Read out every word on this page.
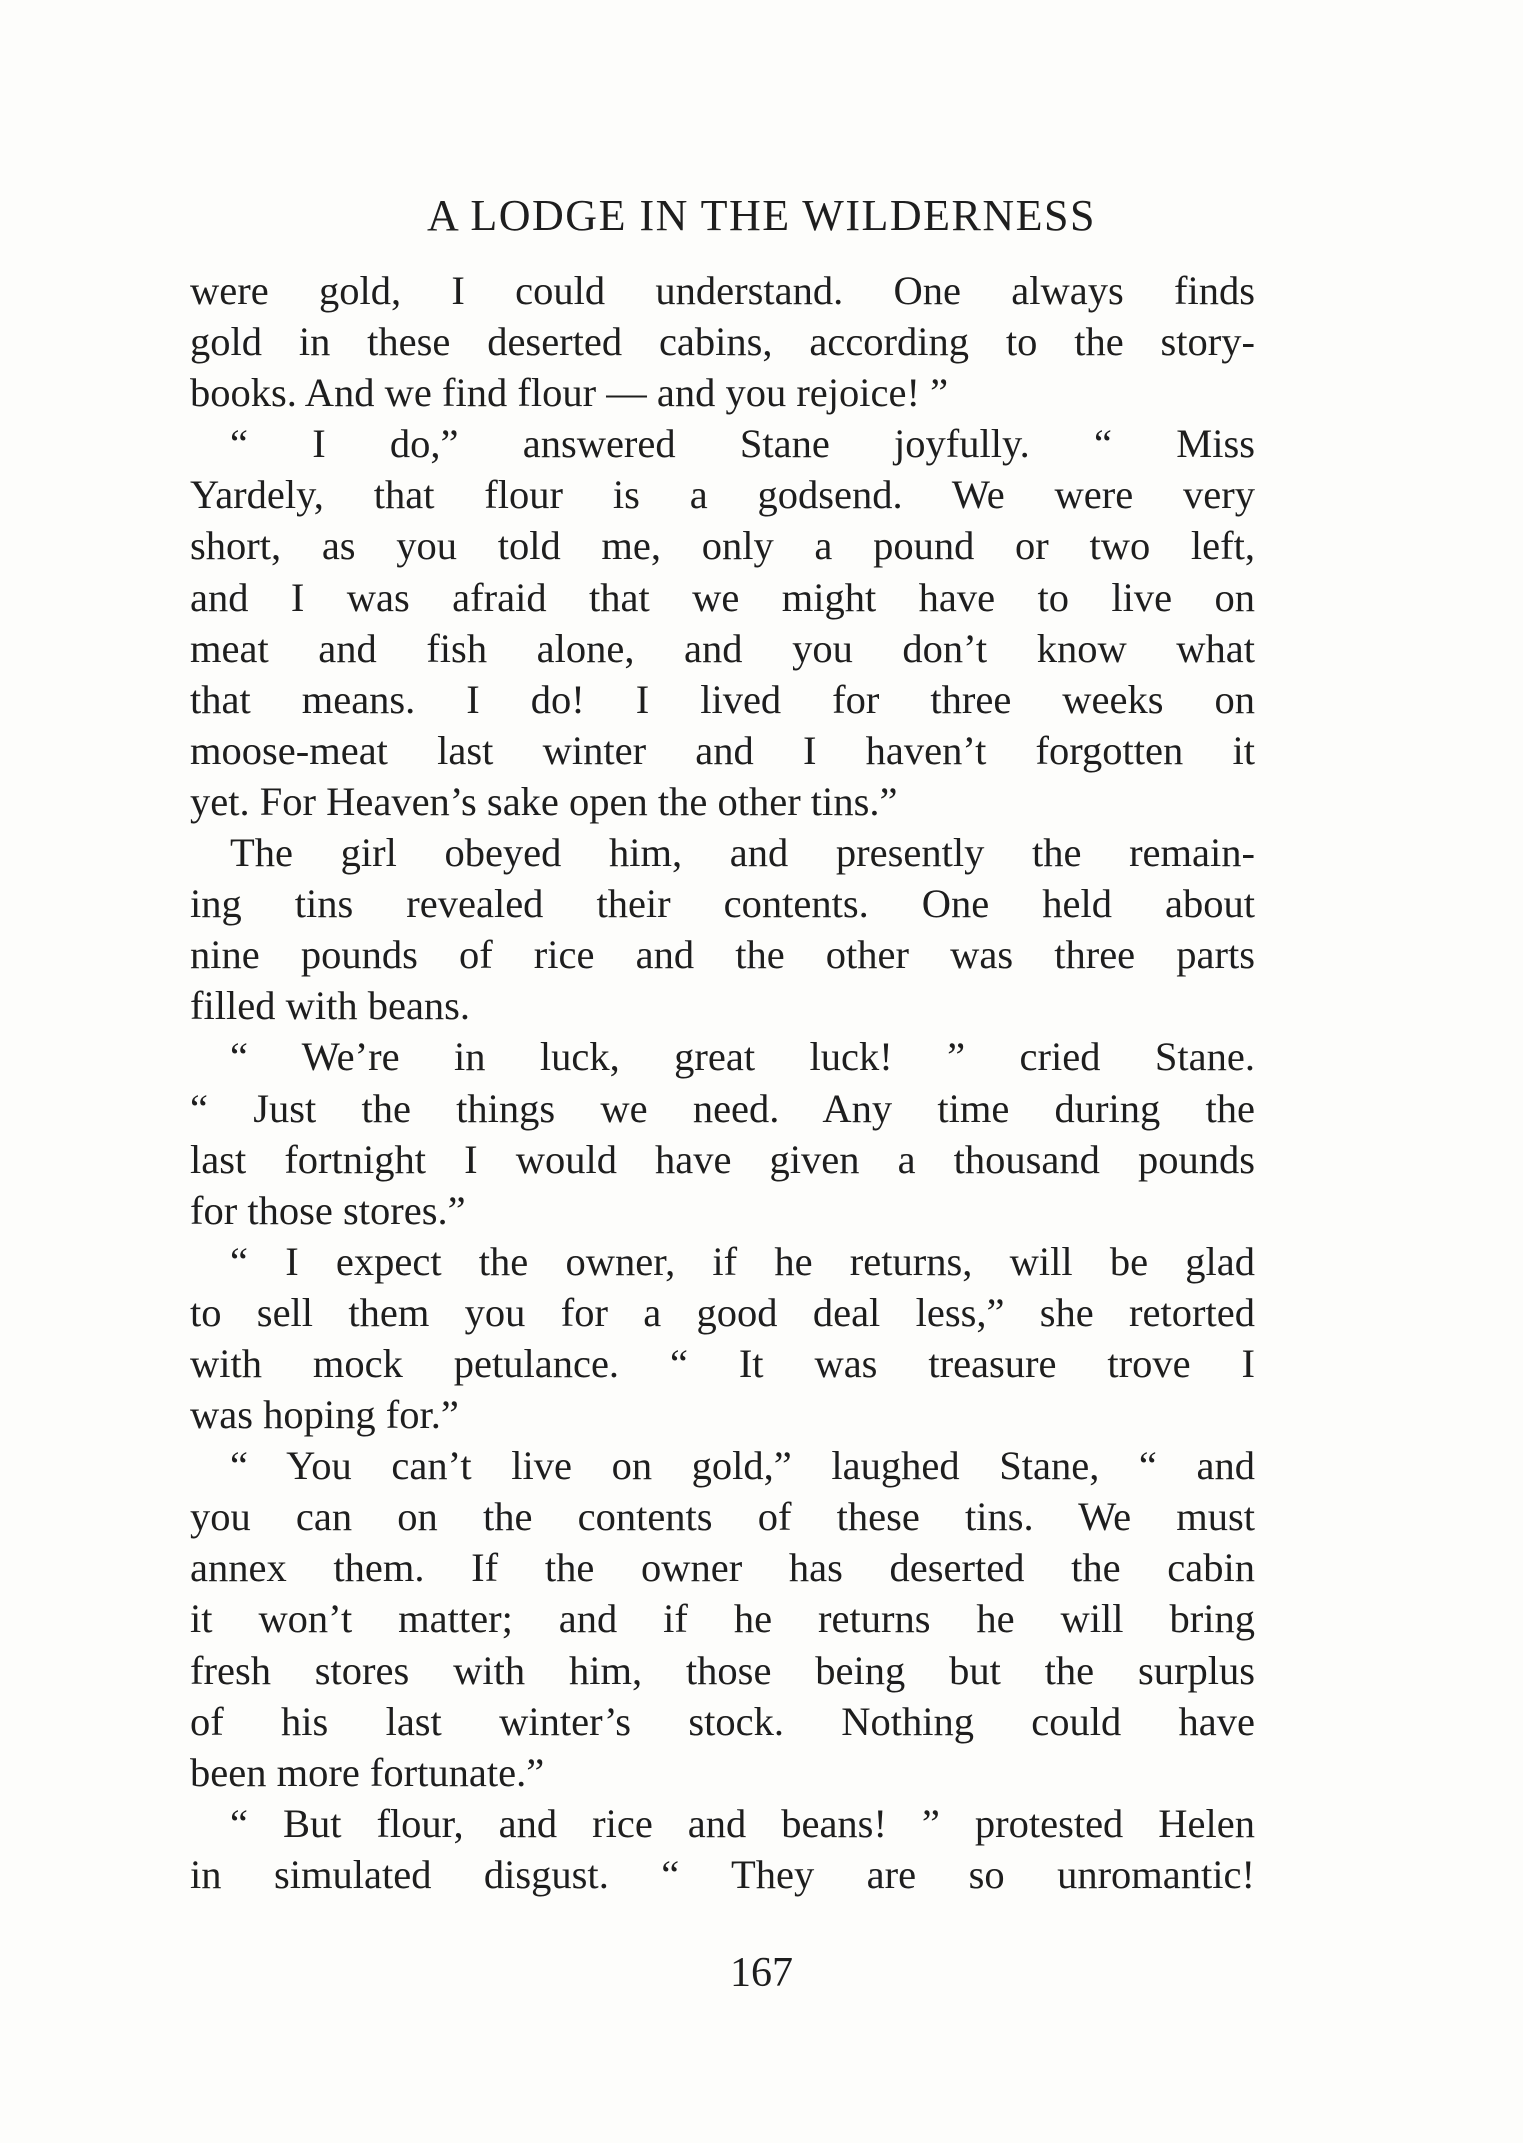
A LODGE IN THE WILDERNESS
were gold, I could understand. One always finds
gold in these deserted cabins, according to the story-
books. And we find flour — and you rejoice! ”
“ I do,” answered Stane joyfully. “ Miss
Yardely, that flour is a godsend. We were very
short, as you told me, only a pound or two left,
and I was afraid that we might have to live on
meat and fish alone, and you don’t know what
that means. I do! I lived for three weeks on
moose-meat last winter and I haven’t forgotten it
yet. For Heaven’s sake open the other tins.”
The girl obeyed him, and presently the remain-
ing tins revealed their contents. One held about
nine pounds of rice and the other was three parts
filled with beans.
“ We’re in luck, great luck! ” cried Stane.
“ Just the things we need. Any time during the
last fortnight I would have given a thousand pounds
for those stores.”
“ I expect the owner, if he returns, will be glad
to sell them you for a good deal less,” she retorted
with mock petulance. “ It was treasure trove I
was hoping for.”
“ You can’t live on gold,” laughed Stane, “ and
you can on the contents of these tins. We must
annex them. If the owner has deserted the cabin
it won’t matter; and if he returns he will bring
fresh stores with him, those being but the surplus
of his last winter’s stock. Nothing could have
been more fortunate.”
“ But flour, and rice and beans! ” protested Helen
in simulated disgust. “ They are so unromantic!
167
